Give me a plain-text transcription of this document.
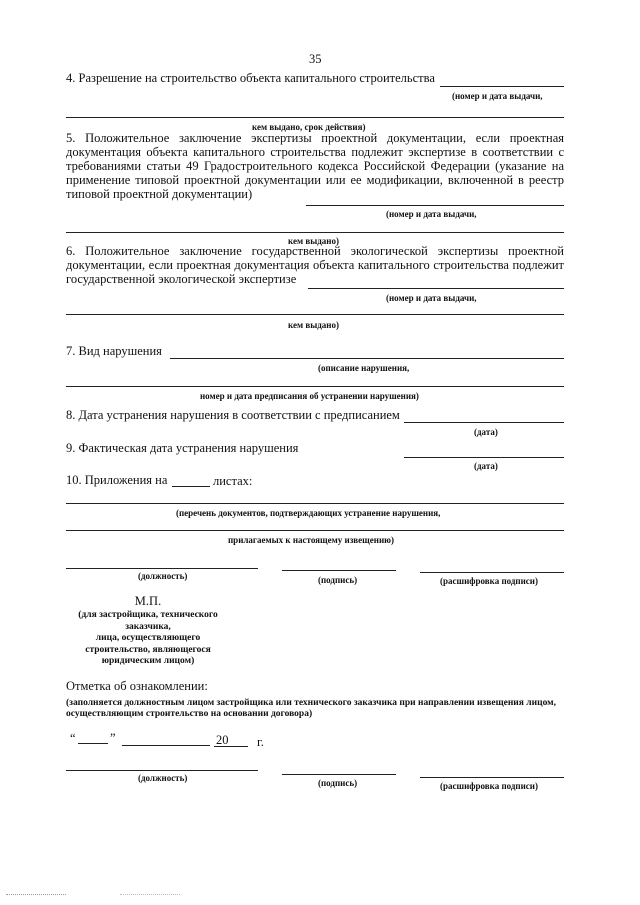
35
4. Разрешение на строительство объекта капитального строительства
(номер и дата выдачи,
кем выдано, срок действия)
5. Положительное заключение экспертизы проектной документации, если проектная документация объекта капитального строительства подлежит экспертизе в соответствии с требованиями статьи 49 Градостроительного кодекса Российской Федерации (указание на применение типовой проектной документации или ее модификации, включенной в реестр типовой проектной документации)
(номер и дата выдачи,
кем выдано)
6. Положительное заключение государственной экологической экспертизы проектной документации, если проектная документация объекта капитального строительства подлежит государственной экологической экспертизе
(номер и дата выдачи,
кем выдано)
7. Вид нарушения
(описание нарушения,
номер и дата предписания об устранении нарушения)
8. Дата устранения нарушения в соответствии с предписанием
(дата)
9. Фактическая дата устранения нарушения
(дата)
10. Приложения на	листах:
(перечень документов, подтверждающих устранение нарушения,
прилагаемых к настоящему извещению)
(должность)	(подпись)	(расшифровка подписи)
М.П.
(для застройщика, технического
заказчика,
лица, осуществляющего
строительство, являющегося
юридическим лицом)
Отметка об ознакомлении:
(заполняется должностным лицом застройщика или технического заказчика при направлении извещения лицом, осуществляющим строительство на основании договора)
“	”	20 г.
(должность)	(подпись)	(расшифровка подписи)
